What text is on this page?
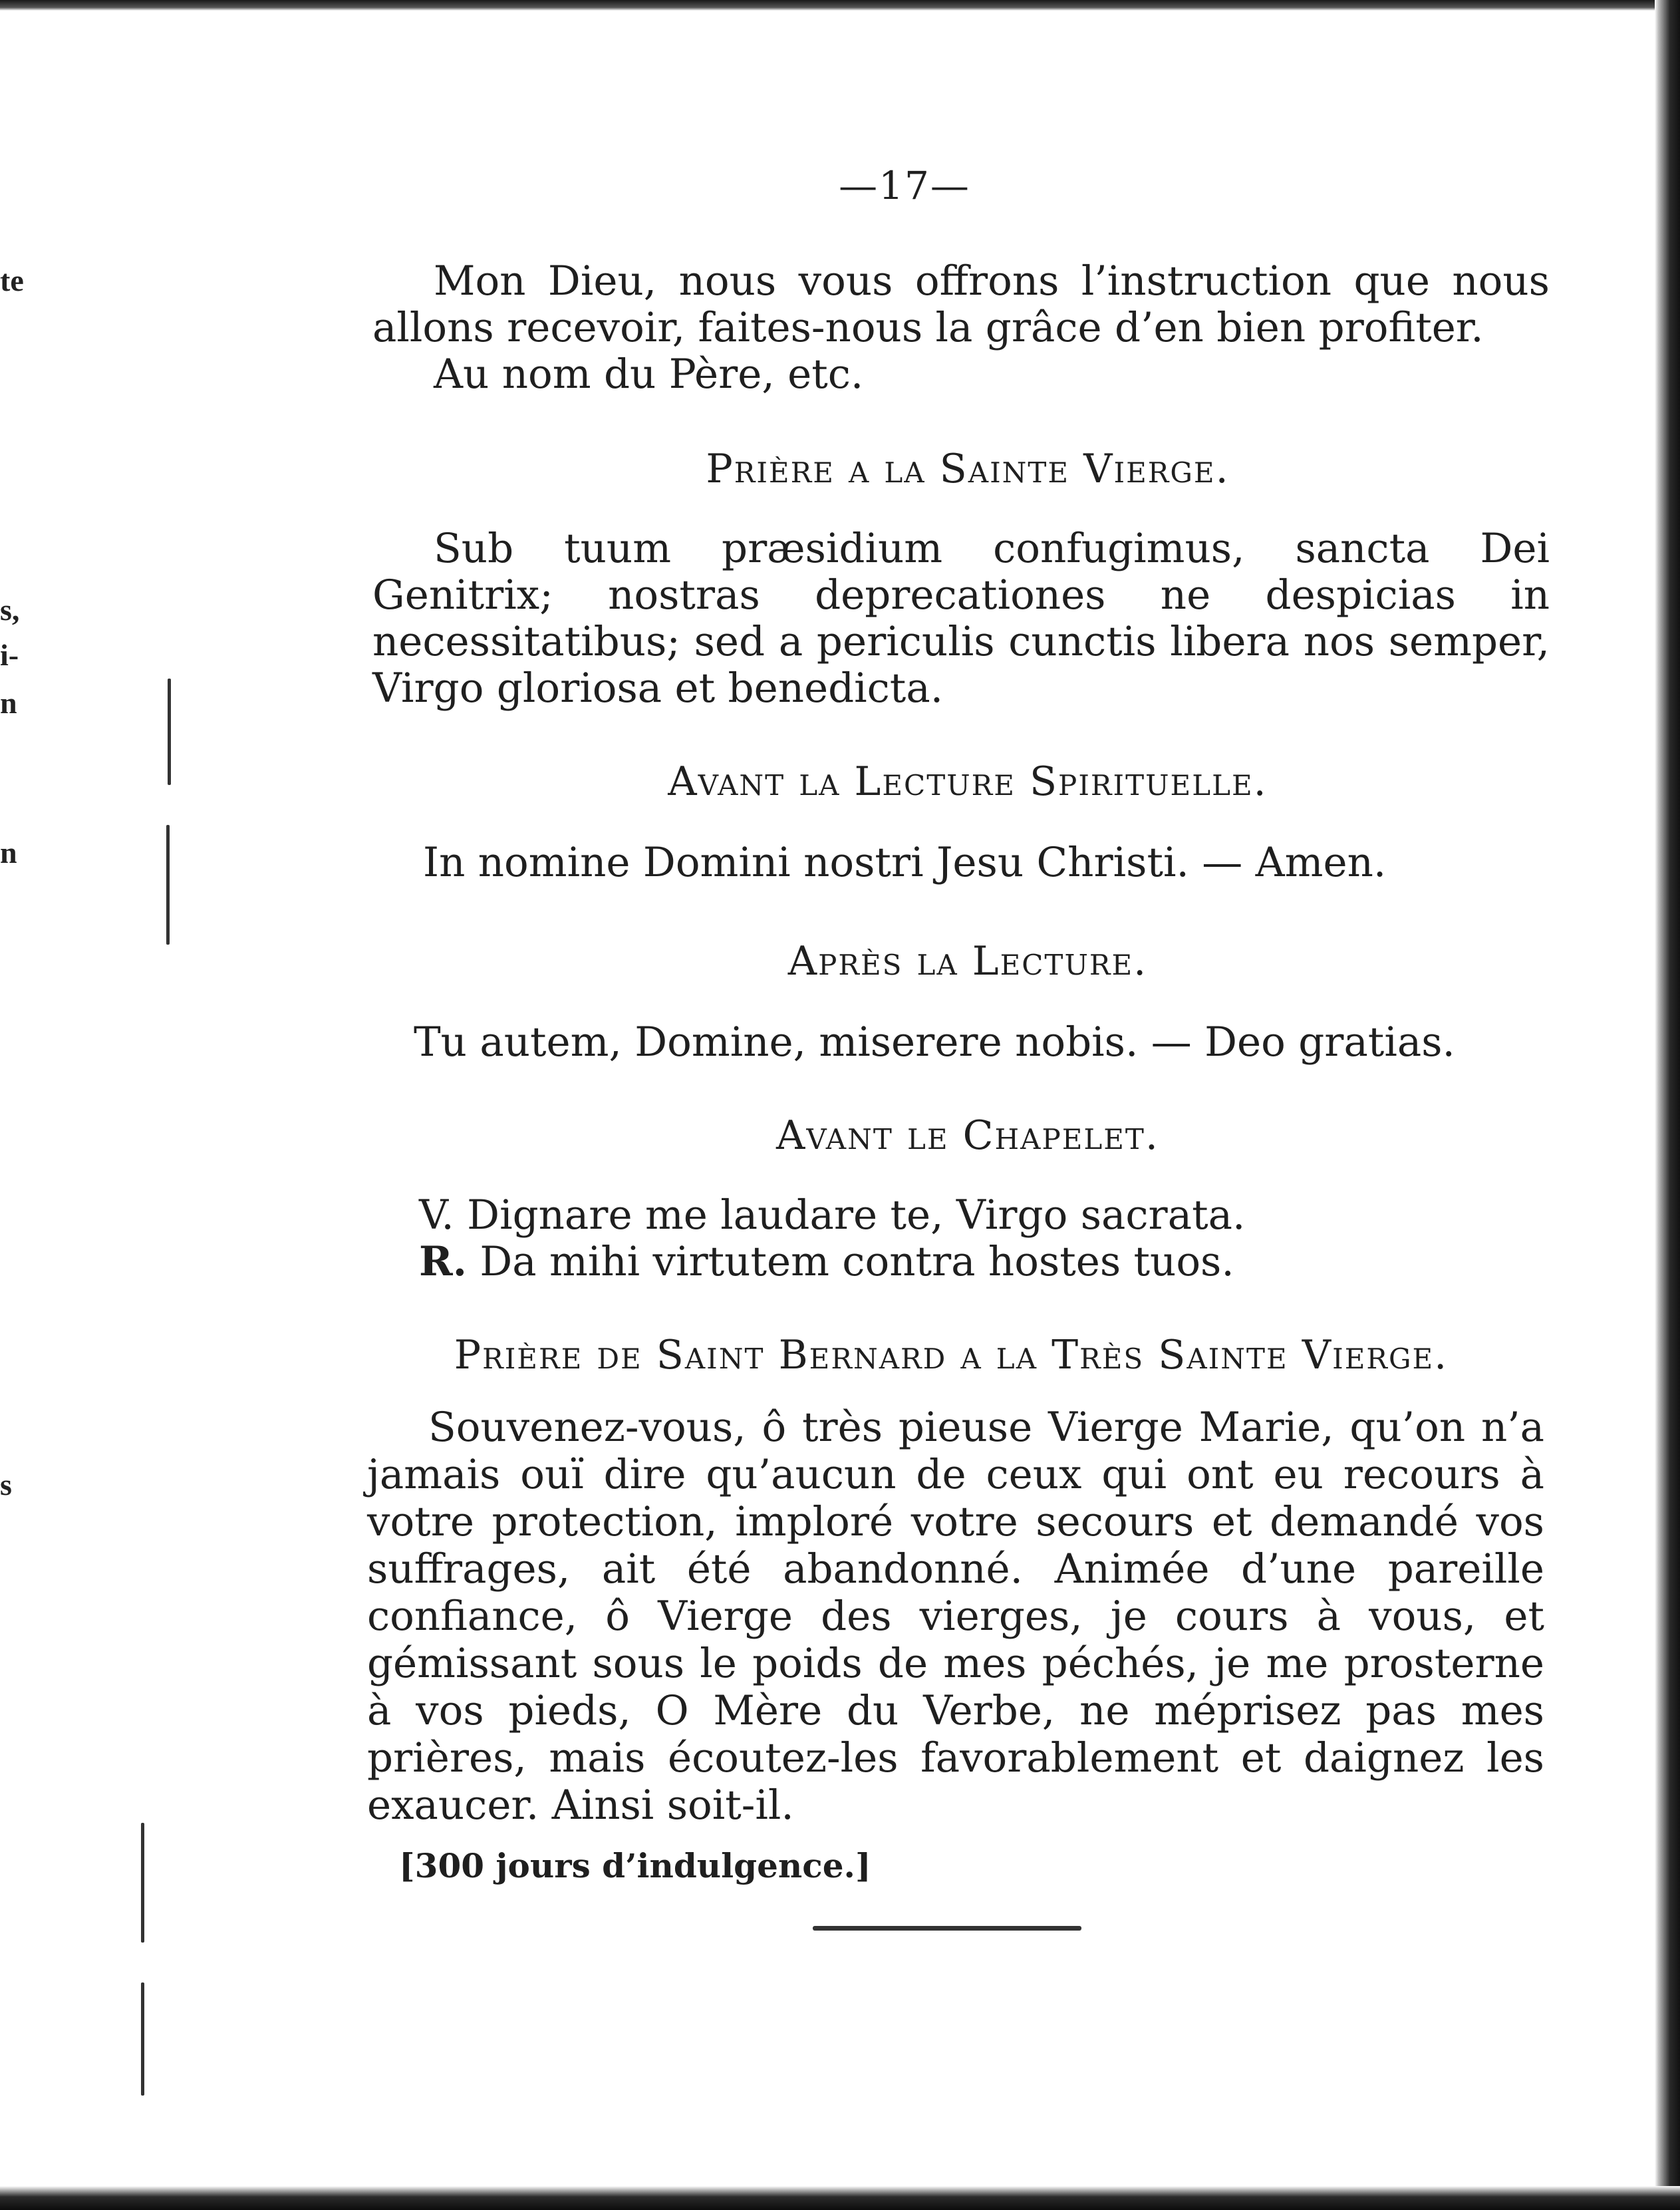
te
s,
i-
n
n
s
—17—
Mon Dieu, nous vous offrons l’instruction que nous allons recevoir, faites-nous la grâce d’en bien profiter.
Au nom du Père, etc.
Prière a la Sainte Vierge.
Sub tuum præsidium confugimus, sancta Dei Genitrix; nostras deprecationes ne despicias in necessitatibus; sed a periculis cunctis libera nos semper, Virgo gloriosa et benedicta.
Avant la Lecture Spirituelle.
In nomine Domini nostri Jesu Christi. — Amen.
Après la Lecture.
Tu autem, Domine, miserere nobis. — Deo gratias.
Avant le Chapelet.
V. Dignare me laudare te, Virgo sacrata.
R. Da mihi virtutem contra hostes tuos.
Prière de Saint Bernard a la Très Sainte Vierge.
Souvenez-vous, ô très pieuse Vierge Marie, qu’on n’a jamais ouï dire qu’aucun de ceux qui ont eu recours à votre protection, imploré votre secours et demandé vos suffrages, ait été abandonné. Animée d’une pareille confiance, ô Vierge des vierges, je cours à vous, et gémissant sous le poids de mes péchés, je me prosterne à vos pieds, O Mère du Verbe, ne méprisez pas mes prières, mais écoutez-les favorablement et daignez les exaucer. Ainsi soit-il.
[300 jours d’indulgence.]
